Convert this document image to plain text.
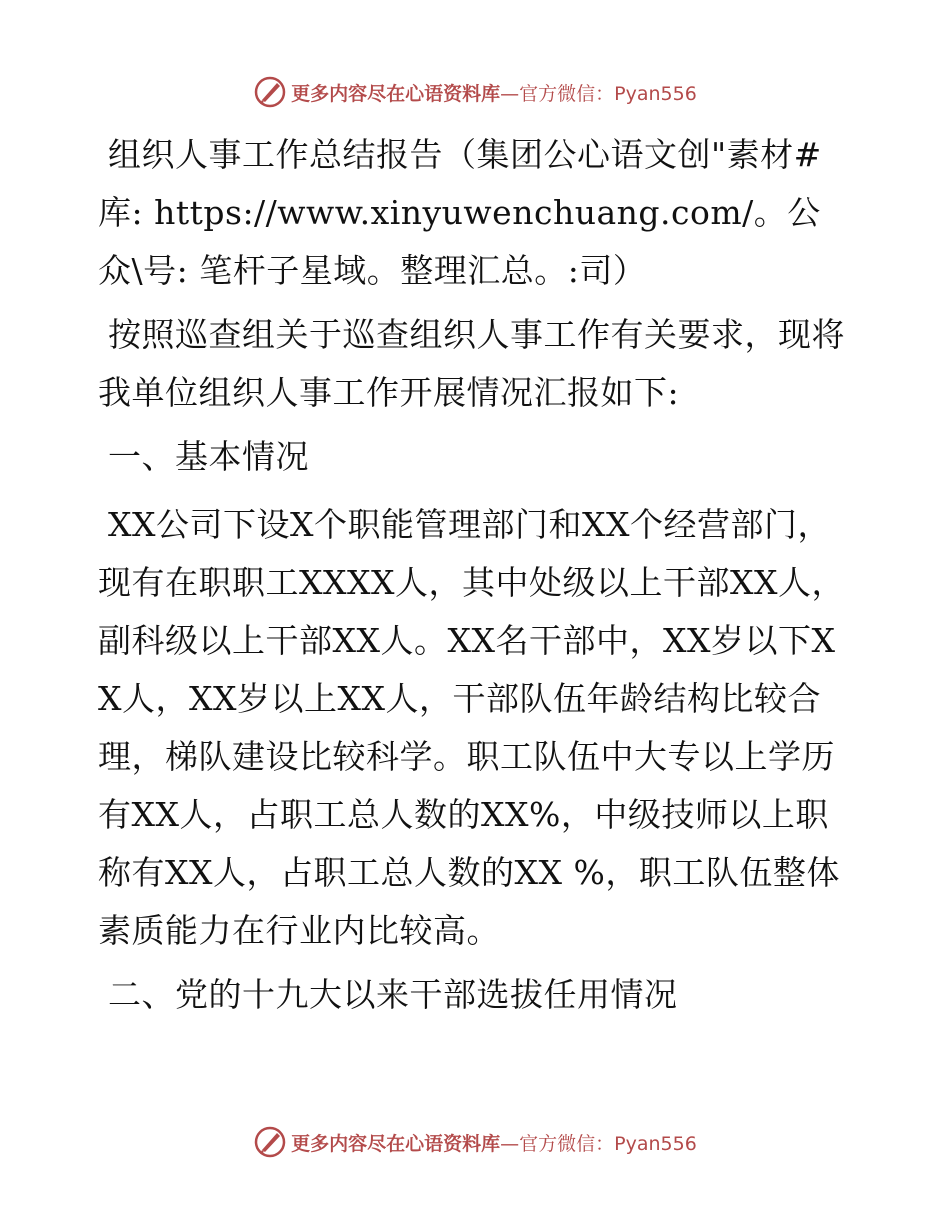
更多内容尽在心语资料库 —官方微信：Pyan556

组织人事工作总结报告（集团公心语文创"素材#库: https://www.xinyuwenchuang.com/。公众\号: 笔杆子星域。整理汇总。:司）

按照巡查组关于巡查组织人事工作有关要求，现将我单位组织人事工作开展情况汇报如下:

一、基本情况

XX公司下设X个职能管理部门和XX个经营部门，现有在职职工XXXX人，其中处级以上干部XX人，副科级以上干部XX人。XX名干部中，XX岁以下XX人，XX岁以上XX人，干部队伍年龄结构比较合理，梯队建设比较科学。职工队伍中大专以上学历有XX人，占职工总人数的XX%，中级技师以上职称有XX人，占职工总人数的XX %，职工队伍整体素质能力在行业内比较高。

二、党的十九大以来干部选拔任用情况

更多内容尽在心语资料库 —官方微信：Pyan556
